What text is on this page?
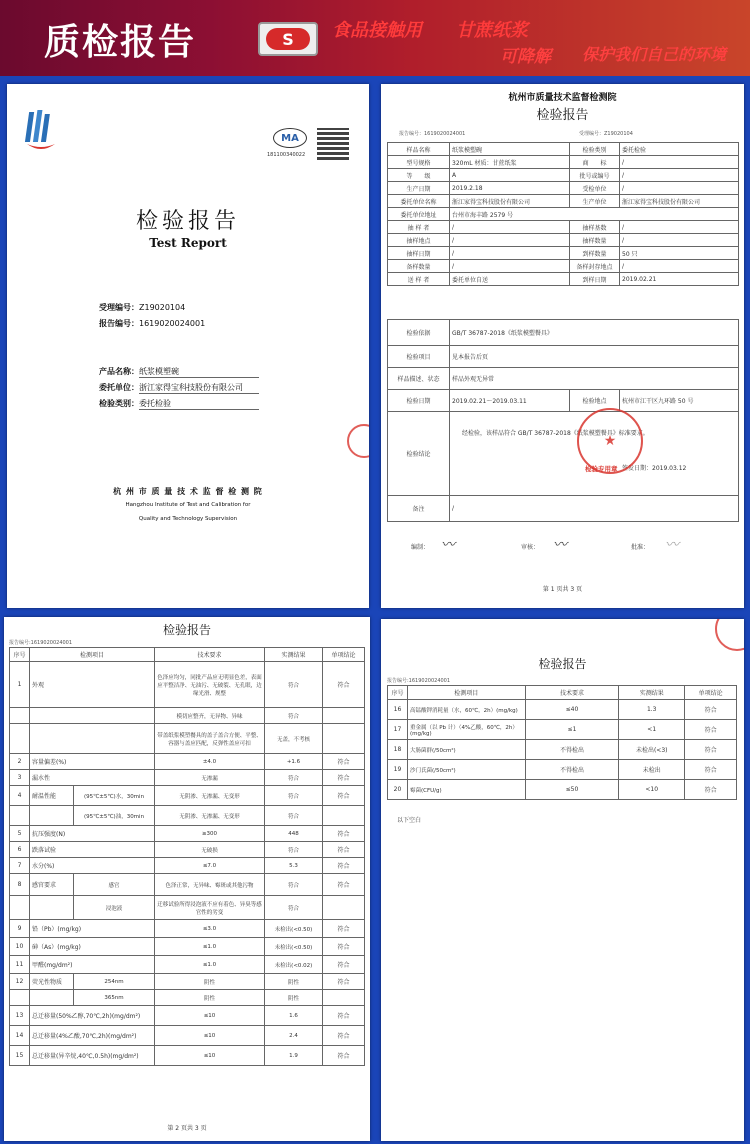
质检报告	S 食品接触用 甘蔗纸浆
可降解 保护我们自己的环境
MA
181100340022
检验报告
Test Report
受理编号：Z19020104
报告编号：1619020024001
产品名称：纸浆模塑碗
委托单位：浙江家得宝科技股份有限公司
检验类别：委托检验
杭 州 市 质 量 技 术 监 督 检 测 院
Hangzhou Institute of Test and Calibration for
Quality and Technology Supervision
杭州市质量技术监督检测院
检验报告
报告编号：1619020024001	受理编号：Z19020104
样品名称	纸浆模塑碗	检验类别	委托检验
型号规格	320mL 材质：甘蔗纸浆	商　　标	/
等　　级	A	批号或编号	/
生产日期	2019.2.18	受检单位	/
委托单位名称	浙江家得宝科技股份有限公司	生产单位	浙江家得宝科技股份有限公司
委托单位地址	台州市海丰路 2579 号		
抽 样 者	/	抽样基数	/
抽样地点	/	抽样数量	/
抽样日期	/	到样数量	50 只
备样数量	/	备样封存地点	/
送 样 者	委托单位自送	到样日期	2019.02.21
检验依据	GB/T 36787-2018《纸浆模塑餐具》		
检验项目	见本报告后页		
样品描述、状态	样品外观无异常		
检验日期	2019.02.21～2019.03.11	检验地点	杭州市江干区九环路 50 号
检验结论	经检验，该样品符合 GB/T 36787-2018《纸浆模塑餐具》标准要求。
签发日期：2019.03.12		

备注	/		
★
检验专用章
编制： 〰︎	审核： 〰︎	批准： 〰︎
第 1 页共 3 页
检验报告
报告编号:1619020024001
序号	检测项目		技术要求	实测结果	单项结论
1	外观		色泽应均匀，同批产品应无明显色差，表面应平整洁净、无油污、无破裂、无孔眼，边缘光滑、规整	符合	符合
			模切应整齐，无异物、异味	符合	
			带盖纸浆模塑餐具的盖子盖合方便、平整、容器与盖应匹配，反弹性盖应可扣	无盖，不考核	
2	容量偏差(%)		±4.0	+1.6	符合
3	漏水性		无渗漏	符合	符合
4	耐温性能	(95℃±5℃)水，30min	无阴渗、无渗漏、无变形	符合	符合
		(95℃±5℃)油，30min	无阴渗、无渗漏、无变形	符合	
5	抗压强度(N)		≥300	448	符合
6	跌落试验		无破损	符合	符合
7	水分(%)		≤7.0	5.3	符合
8	感官要求	感官	色泽正常，无异味、霉斑或其他污物	符合	符合
		浸泡液	迁移试验所得浸泡液不应有着色、异臭等感官性的劣变	符合	
9	铅（Pb）(mg/kg)		≤3.0	未检出(<0.50)	符合
10	砷（As）(mg/kg)		≤1.0	未检出(<0.50)	符合
11	甲醛(mg/dm²)		≤1.0	未检出(<0.02)	符合
12	荧光性物质	254nm	阴性	阴性	符合
		365nm	阴性	阴性	
13	总迁移量(50%乙醇,70℃,2h)(mg/dm²)		≤10	1.6	符合
14	总迁移量(4%乙酸,70℃,2h)(mg/dm²)		≤10	2.4	符合
15	总迁移量(异辛烷,40℃,0.5h)(mg/dm²)		≤10	1.9	符合
第 2 页共 3 页
检验报告
报告编号:1619020024001
序号	检测项目	技术要求	实测结果	单项结论
16	高锰酸钾消耗量（水，60℃，2h）(mg/kg)	≤40	1.3	符合
17	重金属（以 Pb 计）（4%乙酸，60℃，2h）(mg/kg)	≤1	<1	符合
18	大肠菌群(/50cm²)	不得检出	未检出(<3)	符合
19	沙门氏菌(/50cm²)	不得检出	未检出	符合
20	霉菌(CFU/g)	≤50	<10	符合
以下空白
